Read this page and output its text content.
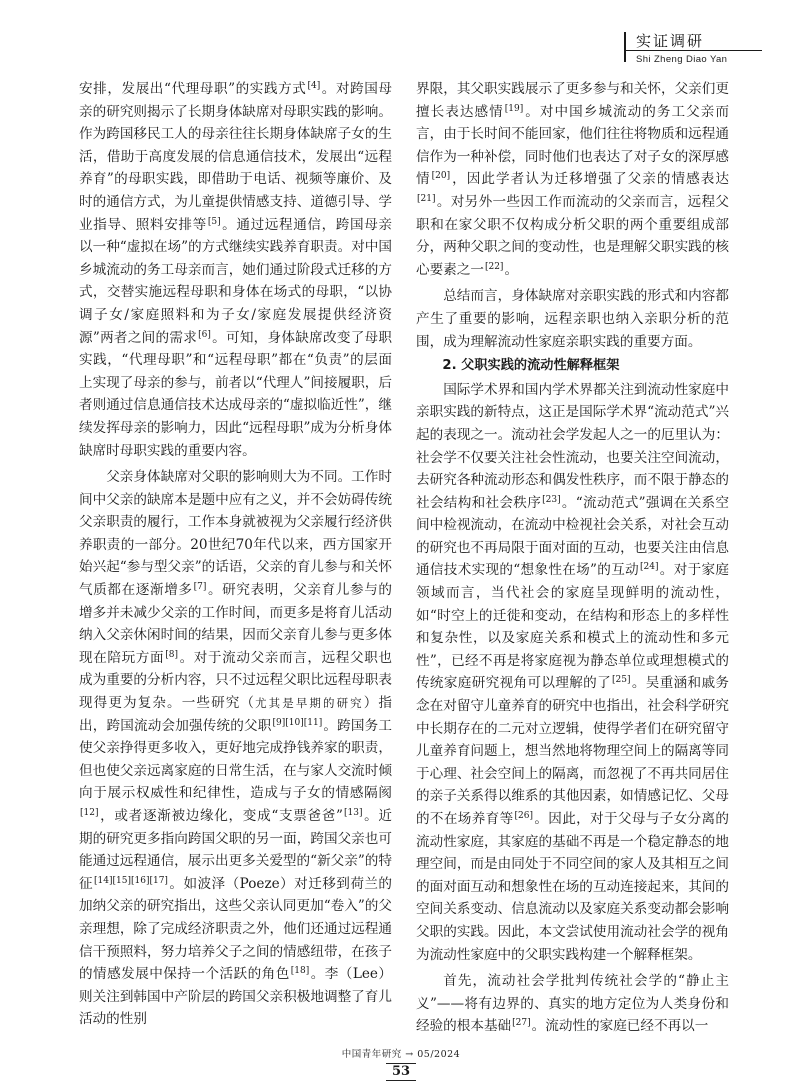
实证调研
Shi Zheng Diao Yan

安排，发展出“代理母职”的实践方式[4]。对跨国母亲的研究则揭示了长期身体缺席对母职实践的影响。作为跨国移民工人的母亲往往长期身体缺席子女的生活，借助于高度发展的信息通信技术，发展出“远程养育”的母职实践，即借助于电话、视频等廉价、及时的通信方式，为儿童提供情感支持、道德引导、学业指导、照料安排等[5]。通过远程通信，跨国母亲以一种“虚拟在场”的方式继续实践养育职责。对中国乡城流动的务工母亲而言，她们通过阶段式迁移的方式，交替实施远程母职和身体在场式的母职，“以协调子女/家庭照料和为子女/家庭发展提供经济资源”两者之间的需求[6]。可知，身体缺席改变了母职实践，“代理母职”和“远程母职”都在“负责”的层面上实现了母亲的参与，前者以“代理人”间接履职，后者则通过信息通信技术达成母亲的“虚拟临近性”，继续发挥母亲的影响力，因此“远程母职”成为分析身体缺席时母职实践的重要内容。

父亲身体缺席对父职的影响则大为不同。工作时间中父亲的缺席本是题中应有之义，并不会妨碍传统父亲职责的履行，工作本身就被视为父亲履行经济供养职责的一部分。20世纪70年代以来，西方国家开始兴起“参与型父亲”的话语，父亲的育儿参与和关怀气质都在逐渐增多[7]。研究表明，父亲育儿参与的增多并未减少父亲的工作时间，而更多是将育儿活动纳入父亲休闲时间的结果，因而父亲育儿参与更多体现在陪玩方面[8]。对于流动父亲而言，远程父职也成为重要的分析内容，只不过远程父职比远程母职表现得更为复杂。一些研究（尤其是早期的研究）指出，跨国流动会加强传统的父职[9][10][11]。跨国务工使父亲挣得更多收入，更好地完成挣钱养家的职责，但也使父亲远离家庭的日常生活，在与家人交流时倾向于展示权威性和纪律性，造成与子女的情感隔阂[12]，或者逐渐被边缘化，变成“支票爸爸”[13]。近期的研究更多指向跨国父职的另一面，跨国父亲也可能通过远程通信，展示出更多关爱型的“新父亲”的特征[14][15][16][17]。如波泽（Poeze）对迁移到荷兰的加纳父亲的研究指出，这些父亲认同更加“卷入”的父亲理想，除了完成经济职责之外，他们还通过远程通信干预照料，努力培养父子之间的情感纽带，在孩子的情感发展中保持一个活跃的角色[18]。李（Lee）则关注到韩国中产阶层的跨国父亲积极地调整了育儿活动的性别

界限，其父职实践展示了更多参与和关怀，父亲们更擅长表达感情[19]。对中国乡城流动的务工父亲而言，由于长时间不能回家，他们往往将物质和远程通信作为一种补偿，同时他们也表达了对子女的深厚感情[20]，因此学者认为迁移增强了父亲的情感表达[21]。对另外一些因工作而流动的父亲而言，远程父职和在家父职不仅构成分析父职的两个重要组成部分，两种父职之间的变动性，也是理解父职实践的核心要素之一[22]。

总结而言，身体缺席对亲职实践的形式和内容都产生了重要的影响，远程亲职也纳入亲职分析的范围，成为理解流动性家庭亲职实践的重要方面。

2. 父职实践的流动性解释框架

国际学术界和国内学术界都关注到流动性家庭中亲职实践的新特点，这正是国际学术界“流动范式”兴起的表现之一。流动社会学发起人之一的厄里认为：社会学不仅要关注社会性流动，也要关注空间流动，去研究各种流动形态和偶发性秩序，而不限于静态的社会结构和社会秩序[23]。“流动范式”强调在关系空间中检视流动，在流动中检视社会关系，对社会互动的研究也不再局限于面对面的互动，也要关注由信息通信技术实现的“想象性在场”的互动[24]。对于家庭领域而言，当代社会的家庭呈现鲜明的流动性，如“时空上的迁徙和变动，在结构和形态上的多样性和复杂性，以及家庭关系和模式上的流动性和多元性”，已经不再是将家庭视为静态单位或理想模式的传统家庭研究视角可以理解的了[25]。吴重涵和戚务念在对留守儿童养育的研究中也指出，社会科学研究中长期存在的二元对立逻辑，使得学者们在研究留守儿童养育问题上，想当然地将物理空间上的隔离等同于心理、社会空间上的隔离，而忽视了不再共同居住的亲子关系得以维系的其他因素，如情感记忆、父母的不在场养育等[26]。因此，对于父母与子女分离的流动性家庭，其家庭的基础不再是一个稳定静态的地理空间，而是由同处于不同空间的家人及其相互之间的面对面互动和想象性在场的互动连接起来，其间的空间关系变动、信息流动以及家庭关系变动都会影响父职的实践。因此，本文尝试使用流动社会学的视角为流动性家庭中的父职实践构建一个解释框架。

首先，流动社会学批判传统社会学的“静止主义”——将有边界的、真实的地方定位为人类身份和经验的根本基础[27]。流动性的家庭已经不再以一

中国青年研究 → 05/2024
53
